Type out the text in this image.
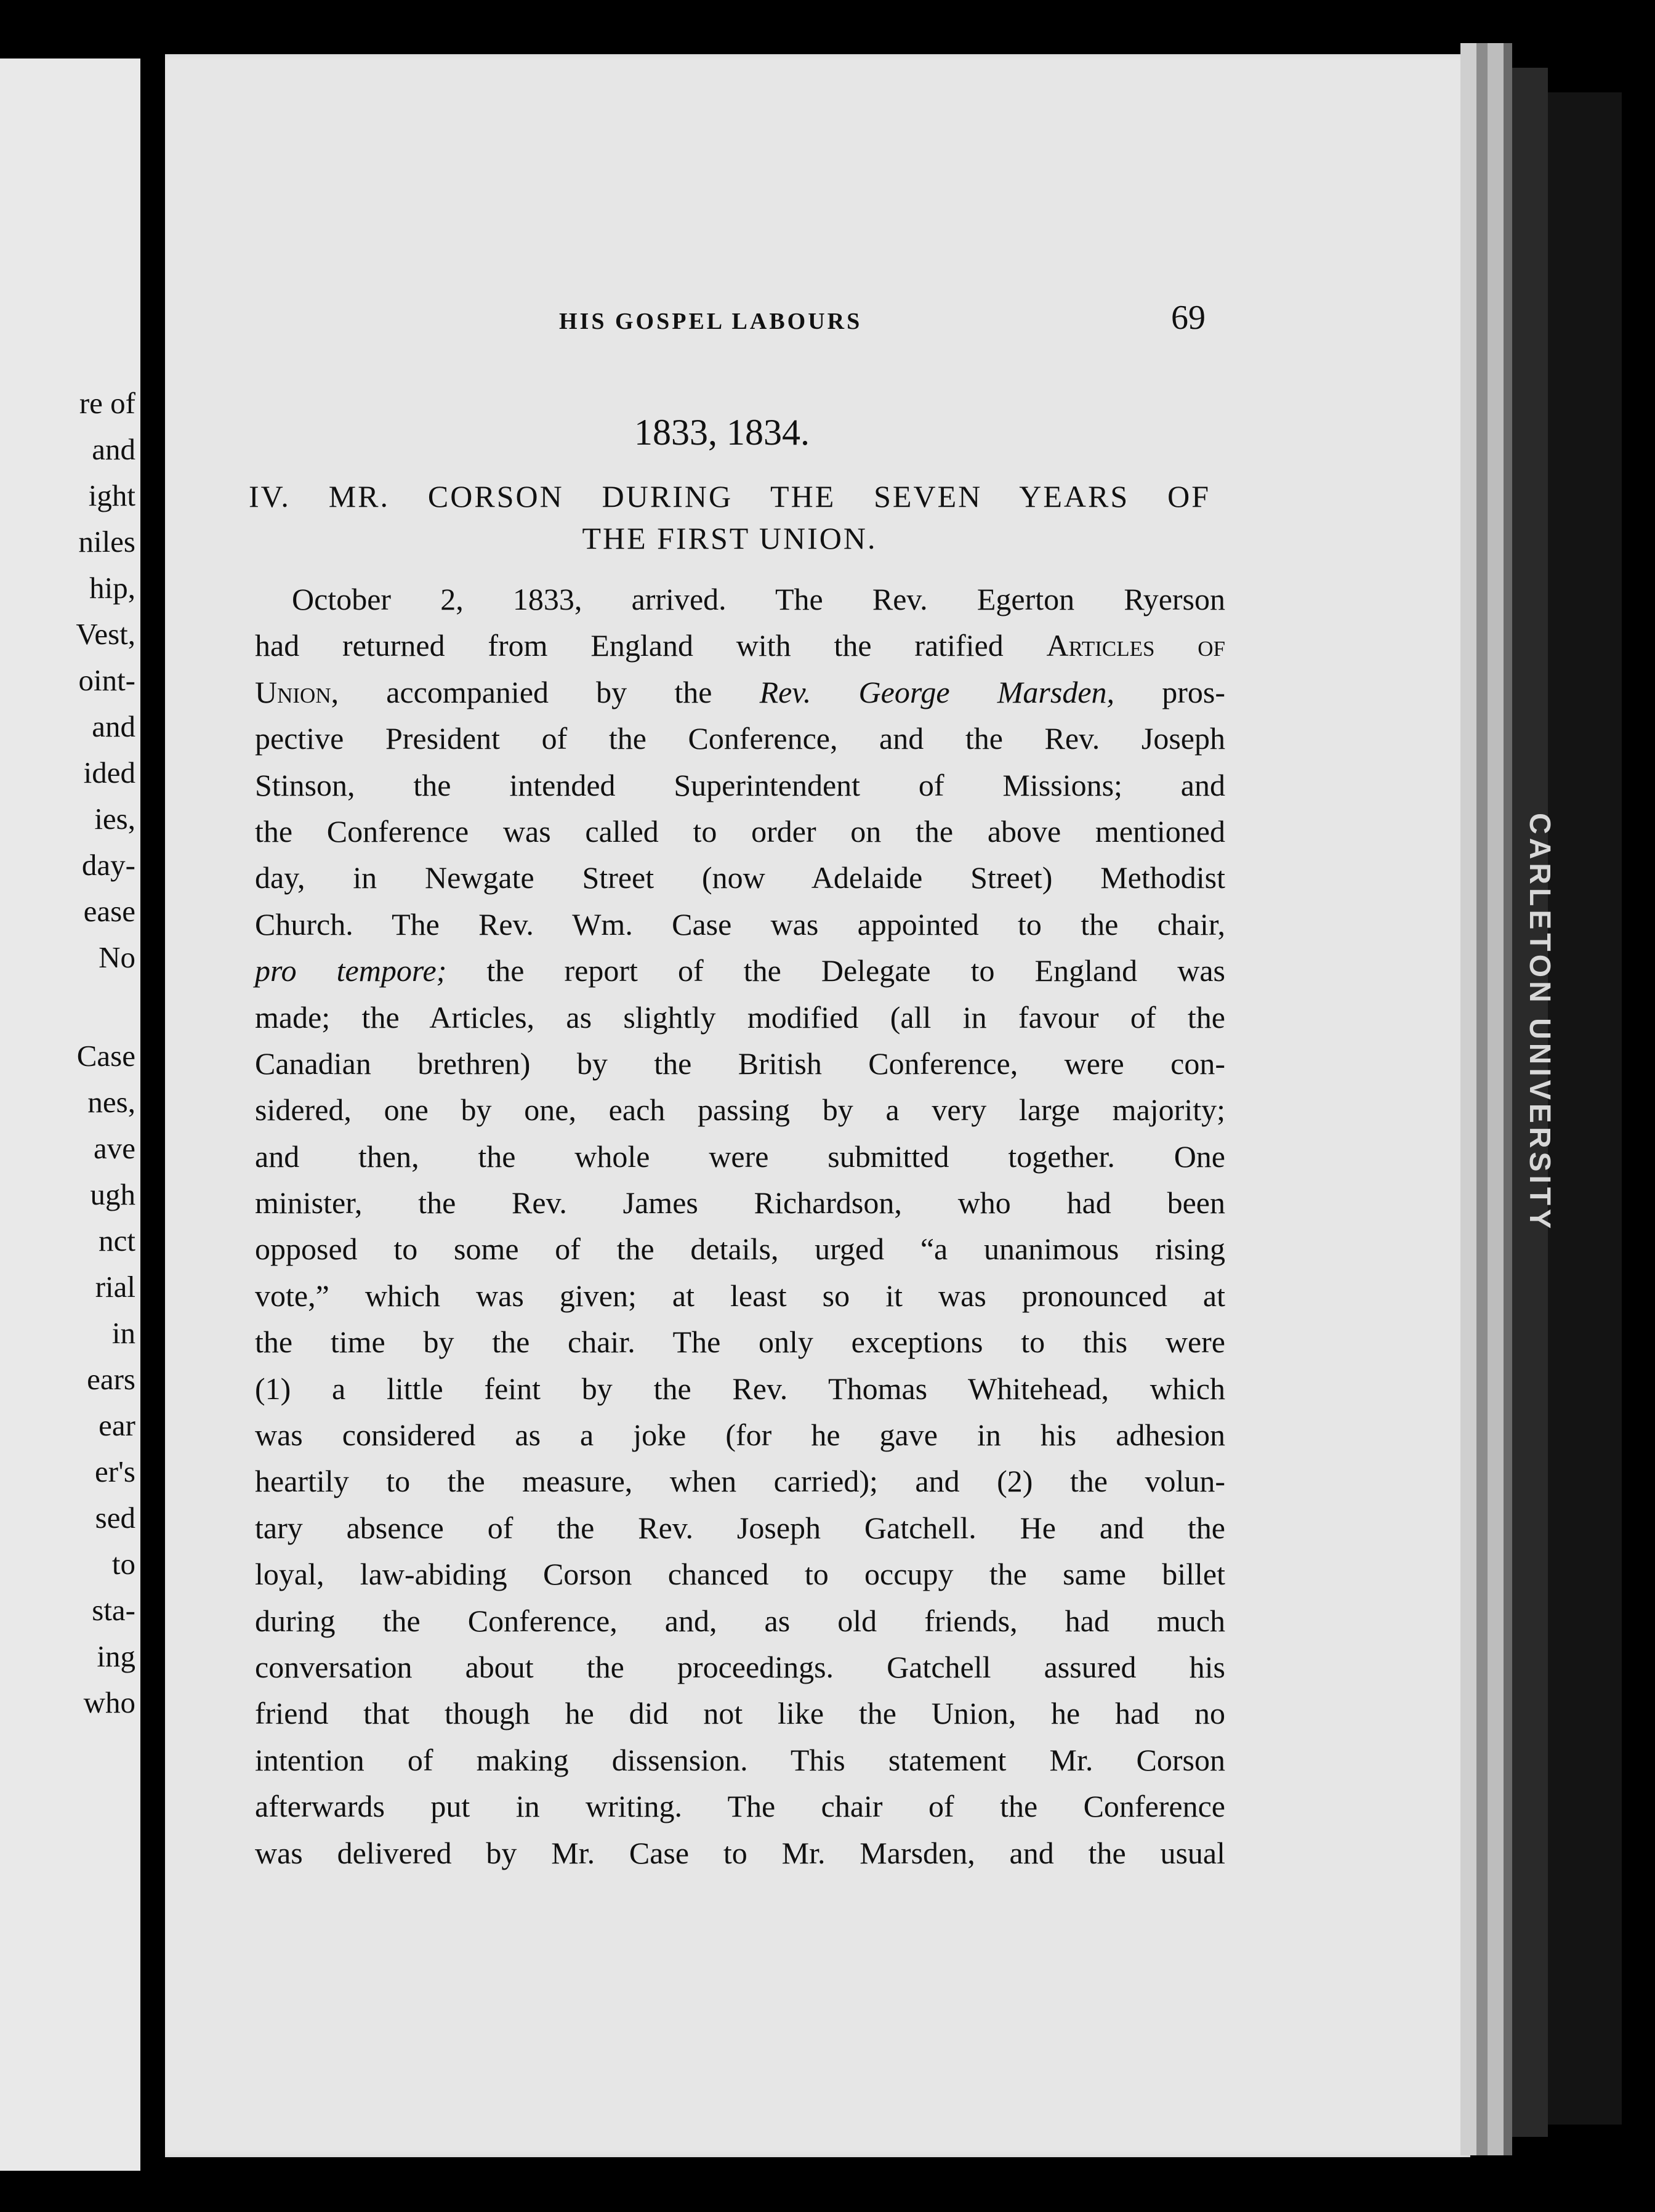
re of
and
ight
niles
hip,
Vest,
oint-
and
ided
ies,
day-
ease
No
Case
nes,
ave
ugh
nct
rial
in
ears
ear
er's
sed
to
sta-
ing
who
CARLETON UNIVERSITY
HIS GOSPEL LABOURS	69
1833, 1834.
IV. MR. CORSON DURING THE SEVEN YEARS OF
THE FIRST UNION.
October 2, 1833, arrived. The Rev. Egerton Ryerson
had returned from England with the ratified Articles of
Union, accompanied by the Rev. George Marsden, pros-
pective President of the Conference, and the Rev. Joseph
Stinson, the intended Superintendent of Missions; and
the Conference was called to order on the above mentioned
day, in Newgate Street (now Adelaide Street) Methodist
Church. The Rev. Wm. Case was appointed to the chair,
pro tempore; the report of the Delegate to England was
made; the Articles, as slightly modified (all in favour of the
Canadian brethren) by the British Conference, were con-
sidered, one by one, each passing by a very large majority;
and then, the whole were submitted together. One
minister, the Rev. James Richardson, who had been
opposed to some of the details, urged “a unanimous rising
vote,” which was given; at least so it was pronounced at
the time by the chair. The only exceptions to this were
(1) a little feint by the Rev. Thomas Whitehead, which
was considered as a joke (for he gave in his adhesion
heartily to the measure, when carried); and (2) the volun-
tary absence of the Rev. Joseph Gatchell. He and the
loyal, law-abiding Corson chanced to occupy the same billet
during the Conference, and, as old friends, had much
conversation about the proceedings. Gatchell assured his
friend that though he did not like the Union, he had no
intention of making dissension. This statement Mr. Corson
afterwards put in writing. The chair of the Conference
was delivered by Mr. Case to Mr. Marsden, and the usual
